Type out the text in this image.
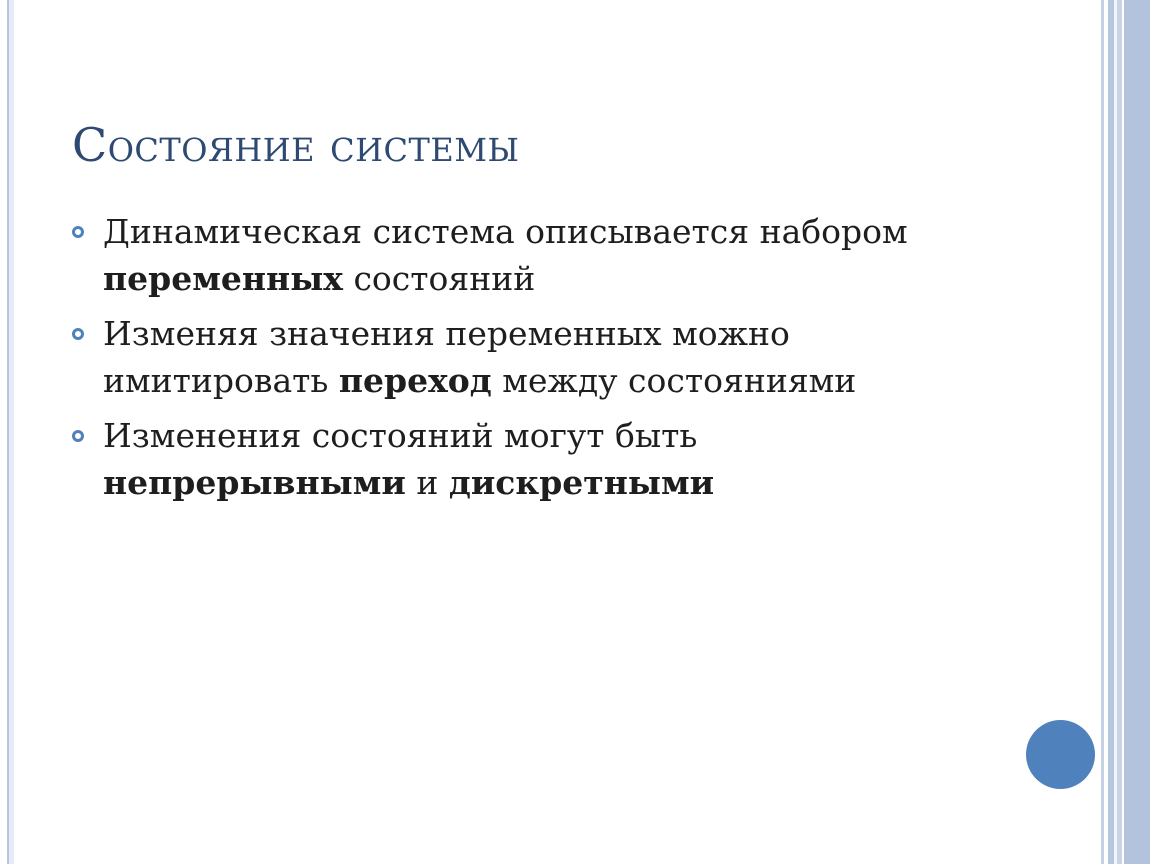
Состояние системы
Динамическая система описывается набором
переменных состояний
Изменяя значения переменных можно
имитировать переход между состояниями
Изменения состояний могут быть
непрерывными и дискретными
